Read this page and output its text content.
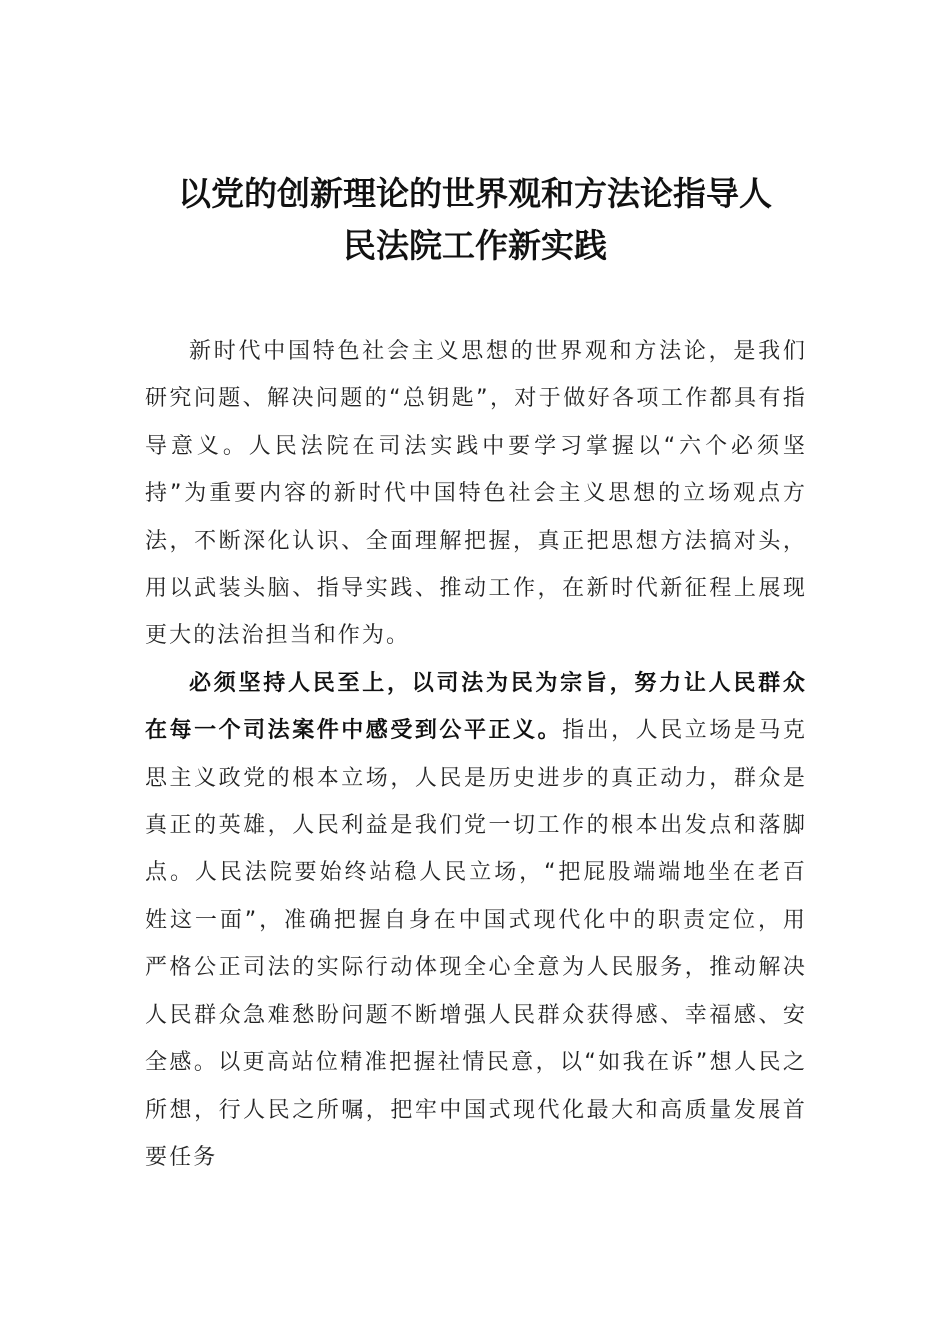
以党的创新理论的世界观和方法论指导人
民法院工作新实践

新时代中国特色社会主义思想的世界观和方法论，是我们研究问题、解决问题的“总钥匙”，对于做好各项工作都具有指导意义。人民法院在司法实践中要学习掌握以“六个必须坚持”为重要内容的新时代中国特色社会主义思想的立场观点方法，不断深化认识、全面理解把握，真正把思想方法搞对头，用以武装头脑、指导实践、推动工作，在新时代新征程上展现更大的法治担当和作为。

必须坚持人民至上，以司法为民为宗旨，努力让人民群众在每一个司法案件中感受到公平正义。指出，人民立场是马克思主义政党的根本立场，人民是历史进步的真正动力，群众是真正的英雄，人民利益是我们党一切工作的根本出发点和落脚点。人民法院要始终站稳人民立场，“把屁股端端地坐在老百姓这一面”，准确把握自身在中国式现代化中的职责定位，用严格公正司法的实际行动体现全心全意为人民服务，推动解决人民群众急难愁盼问题不断增强人民群众获得感、幸福感、安全感。以更高站位精准把握社情民意，以“如我在诉”想人民之所想，行人民之所嘱，把牢中国式现代化最大和高质量发展首要任务
